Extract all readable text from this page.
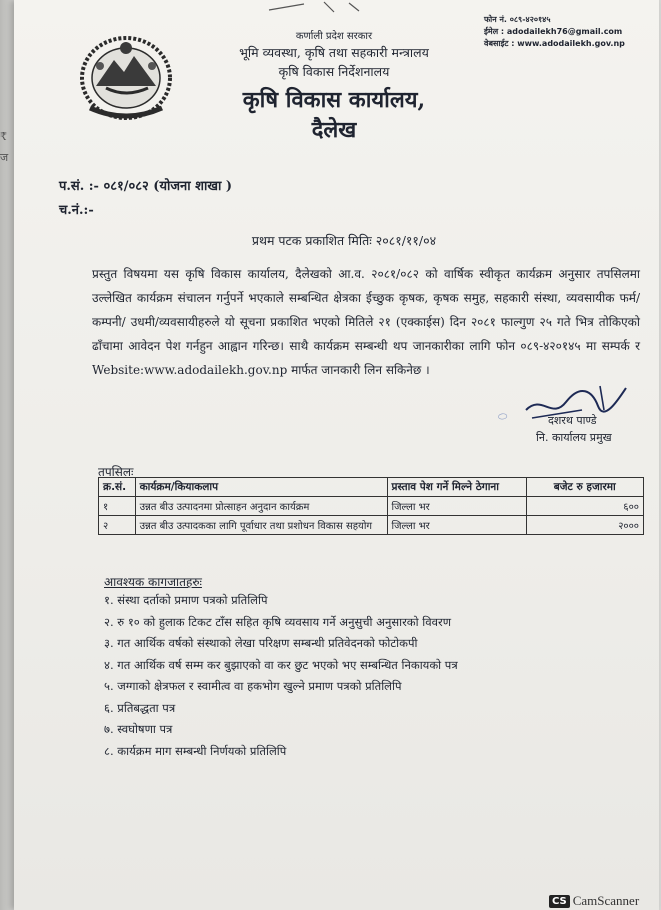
₹
ज
कर्णाली प्रदेश सरकार
भूमि व्यवस्था, कृषि तथा सहकारी मन्त्रालय
कृषि विकास निर्देशनालय
कृषि विकास कार्यालय,
दैलेख
फोन नं. ०८९-४२०१४५
ईमेल : adodailekh76@gmail.com
वेबसाईट : www.adodailekh.gov.np
प.सं. :- ०८१/०८२ (योजना शाखा )
च.नं.:-
प्रथम पटक प्रकाशित मितिः २०८१/११/०४
प्रस्तुत विषयमा यस कृषि विकास कार्यालय, दैलेखको आ.व. २०८१/०८२ को वार्षिक स्वीकृत कार्यक्रम अनुसार तपसिलमा उल्लेखित कार्यक्रम संचालन गर्नुपर्ने भएकाले सम्बन्धित क्षेत्रका ईच्छुक कृषक, कृषक समुह, सहकारी संस्था, व्यवसायीक फर्म/कम्पनी/ उधमी/व्यवसायीहरुले यो सूचना प्रकाशित भएको मितिले २१ (एक्काईस) दिन २०८१ फाल्गुण २५ गते भित्र तोकिएको ढाँचामा आवेदन पेश गर्नहुन आह्वान गरिन्छ। साथै कार्यक्रम सम्बन्धी थप जानकारीका लागि फोन ०८९-४२०१४५ मा सम्पर्क र Website:www.adodailekh.gov.np मार्फत जानकारी लिन सकिनेछ ।
⬭	दशरथ पाण्डे
नि. कार्यालय प्रमुख
तपसिलः
क्र.सं.	कार्यक्रम/कियाकलाप	प्रस्ताव पेश गर्ने मिल्ने ठेगाना	बजेट रु हजारमा
१	उन्नत बीउ उत्पादनमा प्रोत्साहन अनुदान कार्यक्रम	जिल्ला भर	६००
२	उन्नत बीउ उत्पादकका लागि पूर्वाधार तथा प्रशोधन विकास सहयोग	जिल्ला भर	२०००
आवश्यक कागजातहरुः
१. संस्था दर्ताको प्रमाण पत्रको प्रतिलिपि
२. रु १० को हुलाक टिकट टाँस सहित कृषि व्यवसाय गर्ने अनुसुची अनुसारको विवरण
३. गत आर्थिक वर्षको संस्थाको लेखा परिक्षण सम्बन्धी प्रतिवेदनको फोटोकपी
४. गत आर्थिक वर्ष सम्म कर बुझाएको वा कर छुट भएको भए सम्बन्धित निकायको पत्र
५. जग्गाको क्षेत्रफल र स्वामीत्व वा हकभोग खुल्ने प्रमाण पत्रको प्रतिलिपि
६. प्रतिबद्धता पत्र
७. स्वघोषणा पत्र
८. कार्यक्रम माग सम्बन्धी निर्णयको प्रतिलिपि
CS CamScanner
